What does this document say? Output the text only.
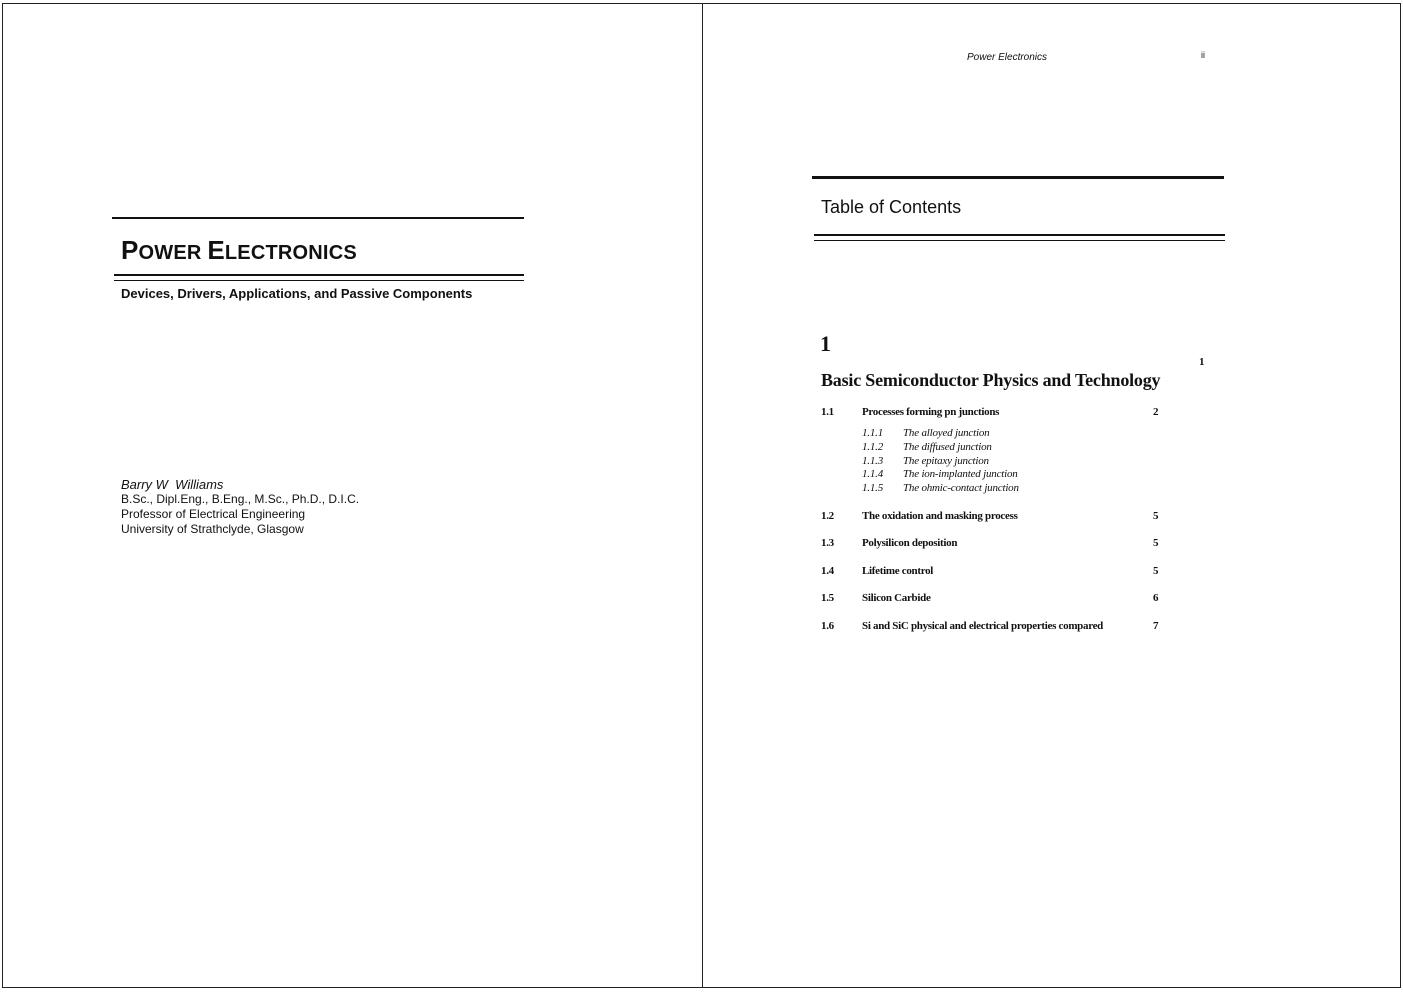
POWER ELECTRONICS

Devices, Drivers, Applications, and Passive Components

Barry W  Williams
B.Sc., Dipl.Eng., B.Eng., M.Sc., Ph.D., D.I.C.
Professor of Electrical Engineering
University of Strathclyde, Glasgow
Power Electronics	ii
Table of Contents
1
1
Basic Semiconductor Physics and Technology
1.1	Processes forming pn junctions	2
1.1.1 The alloyed junction
1.1.2 The diffused junction
1.1.3 The epitaxy junction
1.1.4 The ion-implanted junction
1.1.5 The ohmic-contact junction
1.2	The oxidation and masking process	5
1.3	Polysilicon deposition	5
1.4	Lifetime control	5
1.5	Silicon Carbide	6
1.6	Si and SiC physical and electrical properties compared	7
